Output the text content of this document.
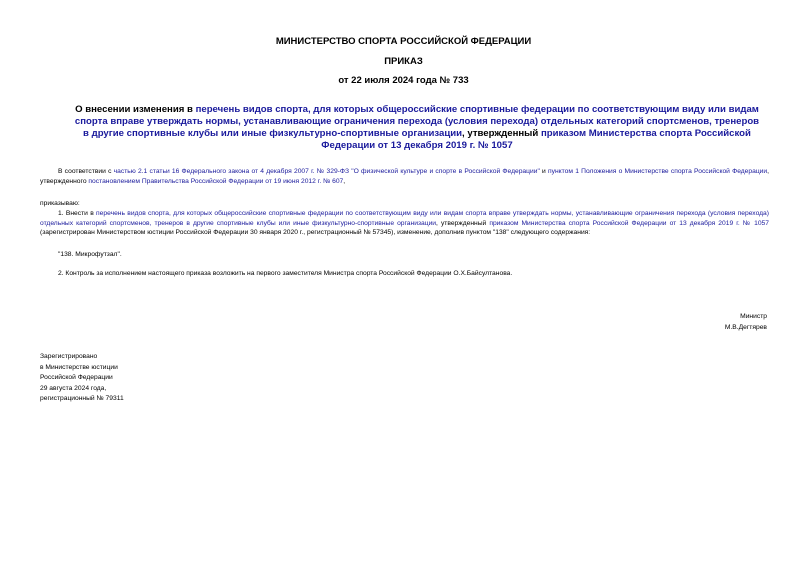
МИНИСТЕРСТВО СПОРТА РОССИЙСКОЙ ФЕДЕРАЦИИ

ПРИКАЗ

от 22 июля 2024 года № 733

О внесении изменения в перечень видов спорта, для которых общероссийские спортивные федерации по соответствующим виду или видам спорта вправе утверждать нормы, устанавливающие ограничения перехода (условия перехода) отдельных категорий спортсменов, тренеров в другие спортивные клубы или иные физкультурно-спортивные организации, утвержденный приказом Министерства спорта Российской Федерации от 13 декабря 2019 г. № 1057

В соответствии с частью 2.1 статьи 16 Федерального закона от 4 декабря 2007 г. № 329-ФЗ "О физической культуре и спорте в Российской Федерации" и пунктом 1 Положения о Министерстве спорта Российской Федерации, утвержденного постановлением Правительства Российской Федерации от 19 июня 2012 г. № 607,

приказываю:

1. Внести в перечень видов спорта, для которых общероссийские спортивные федерации по соответствующим виду или видам спорта вправе утверждать нормы, устанавливающие ограничения перехода (условия перехода) отдельных категорий спортсменов, тренеров в другие спортивные клубы или иные физкультурно-спортивные организации, утвержденный приказом Министерства спорта Российской Федерации от 13 декабря 2019 г. № 1057 (зарегистрирован Министерством юстиции Российской Федерации 30 января 2020 г., регистрационный № 57345), изменение, дополнив пунктом "138" следующего содержания:

"138. Микрофутзал".

2. Контроль за исполнением настоящего приказа возложить на первого заместителя Министра спорта Российской Федерации О.Х.Байсултанова.

Министр

М.В.Дегтярев

Зарегистрировано
в Министерстве юстиции
Российской Федерации
29 августа 2024 года,
регистрационный № 79311
